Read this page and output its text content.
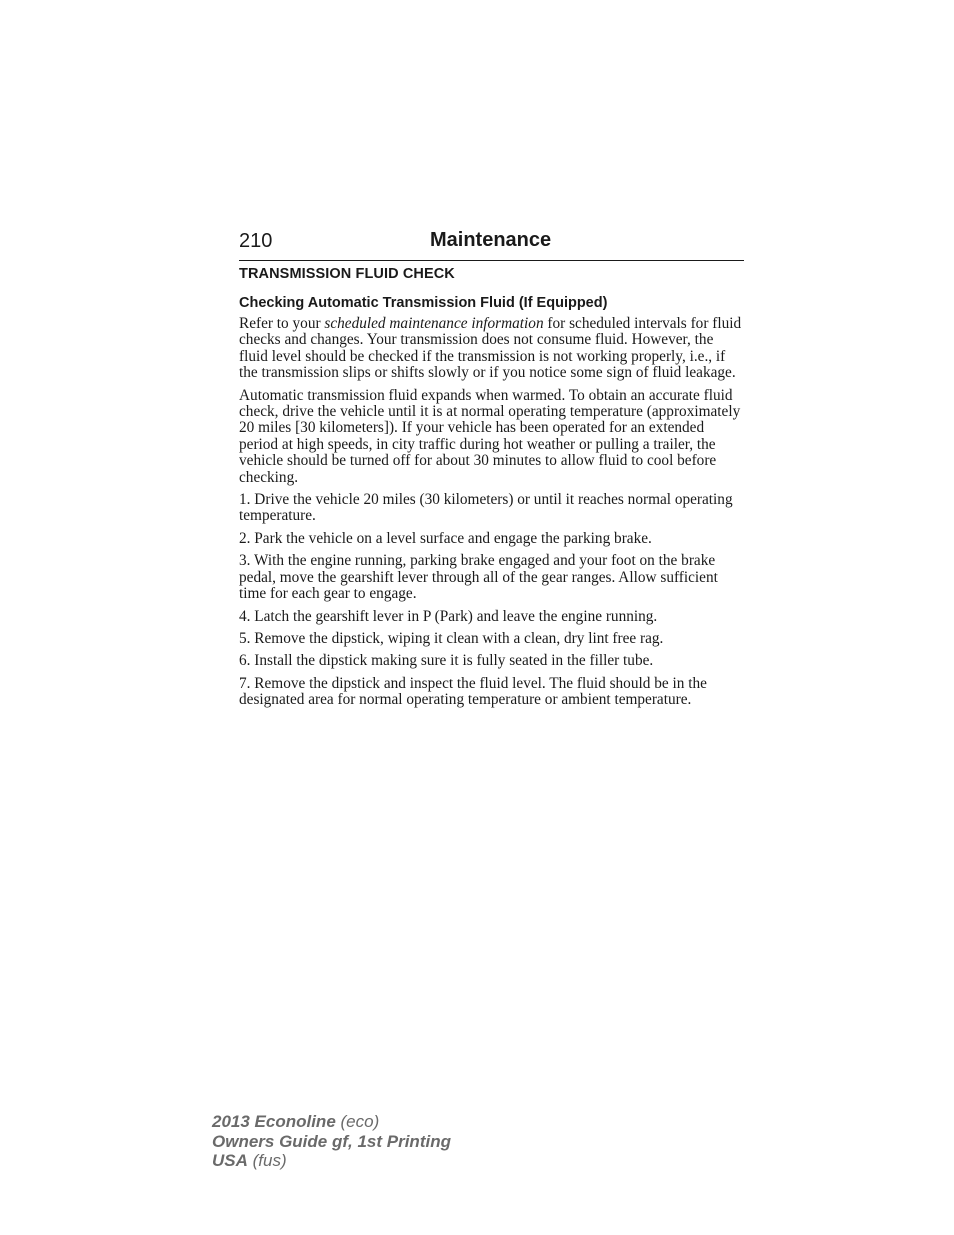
210	Maintenance
TRANSMISSION FLUID CHECK
Checking Automatic Transmission Fluid (If Equipped)
Refer to your scheduled maintenance information for scheduled intervals for fluid checks and changes. Your transmission does not consume fluid. However, the fluid level should be checked if the transmission is not working properly, i.e., if the transmission slips or shifts slowly or if you notice some sign of fluid leakage.
Automatic transmission fluid expands when warmed. To obtain an accurate fluid check, drive the vehicle until it is at normal operating temperature (approximately 20 miles [30 kilometers]). If your vehicle has been operated for an extended period at high speeds, in city traffic during hot weather or pulling a trailer, the vehicle should be turned off for about 30 minutes to allow fluid to cool before checking.
1. Drive the vehicle 20 miles (30 kilometers) or until it reaches normal operating temperature.
2. Park the vehicle on a level surface and engage the parking brake.
3. With the engine running, parking brake engaged and your foot on the brake pedal, move the gearshift lever through all of the gear ranges. Allow sufficient time for each gear to engage.
4. Latch the gearshift lever in P (Park) and leave the engine running.
5. Remove the dipstick, wiping it clean with a clean, dry lint free rag.
6. Install the dipstick making sure it is fully seated in the filler tube.
7. Remove the dipstick and inspect the fluid level. The fluid should be in the designated area for normal operating temperature or ambient temperature.
2013 Econoline (eco)
Owners Guide gf, 1st Printing
USA (fus)
